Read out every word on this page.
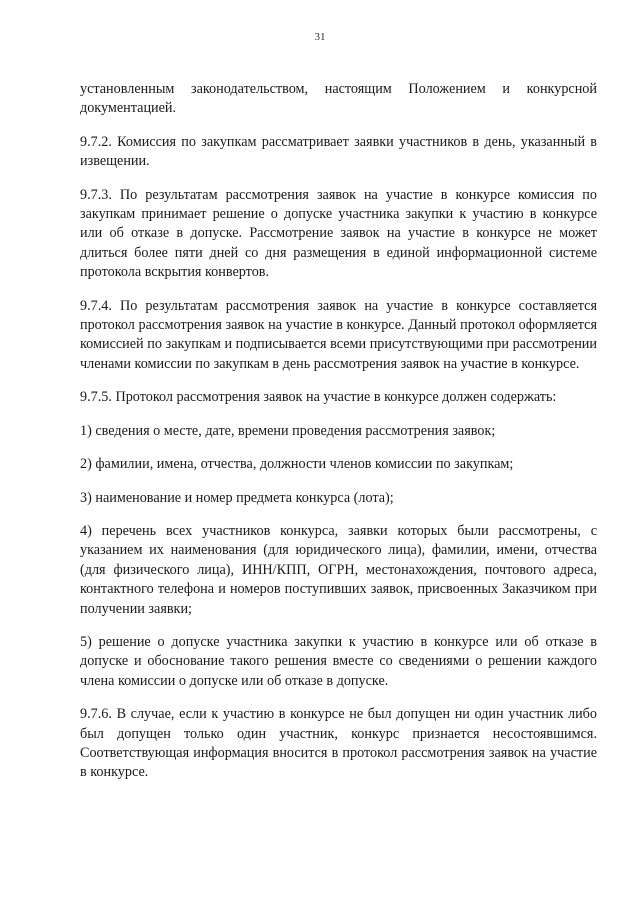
31

установленным законодательством, настоящим Положением и конкурсной документацией.

9.7.2. Комиссия по закупкам рассматривает заявки участников в день, указанный в извещении.

9.7.3. По результатам рассмотрения заявок на участие в конкурсе комиссия по закупкам принимает решение о допуске участника закупки к участию в конкурсе или об отказе в допуске. Рассмотрение заявок на участие в конкурсе не может длиться более пяти дней со дня размещения в единой информационной системе протокола вскрытия конвертов.

9.7.4. По результатам рассмотрения заявок на участие в конкурсе составляется протокол рассмотрения заявок на участие в конкурсе. Данный протокол оформляется комиссией по закупкам и подписывается всеми присутствующими при рассмотрении членами комиссии по закупкам в день рассмотрения заявок на участие в конкурсе.

9.7.5. Протокол рассмотрения заявок на участие в конкурсе должен содержать:

1) сведения о месте, дате, времени проведения рассмотрения заявок;

2) фамилии, имена, отчества, должности членов комиссии по закупкам;

3) наименование и номер предмета конкурса (лота);

4) перечень всех участников конкурса, заявки которых были рассмотрены, с указанием их наименования (для юридического лица), фамилии, имени, отчества (для физического лица), ИНН/КПП, ОГРН, местонахождения, почтового адреса, контактного телефона и номеров поступивших заявок, присвоенных Заказчиком при получении заявки;

5) решение о допуске участника закупки к участию в конкурсе или об отказе в допуске и обоснование такого решения вместе со сведениями о решении каждого члена комиссии о допуске или об отказе в допуске.

9.7.6. В случае, если к участию в конкурсе не был допущен ни один участник либо был допущен только один участник, конкурс признается несостоявшимся. Соответствующая информация вносится в протокол рассмотрения заявок на участие в конкурсе.
